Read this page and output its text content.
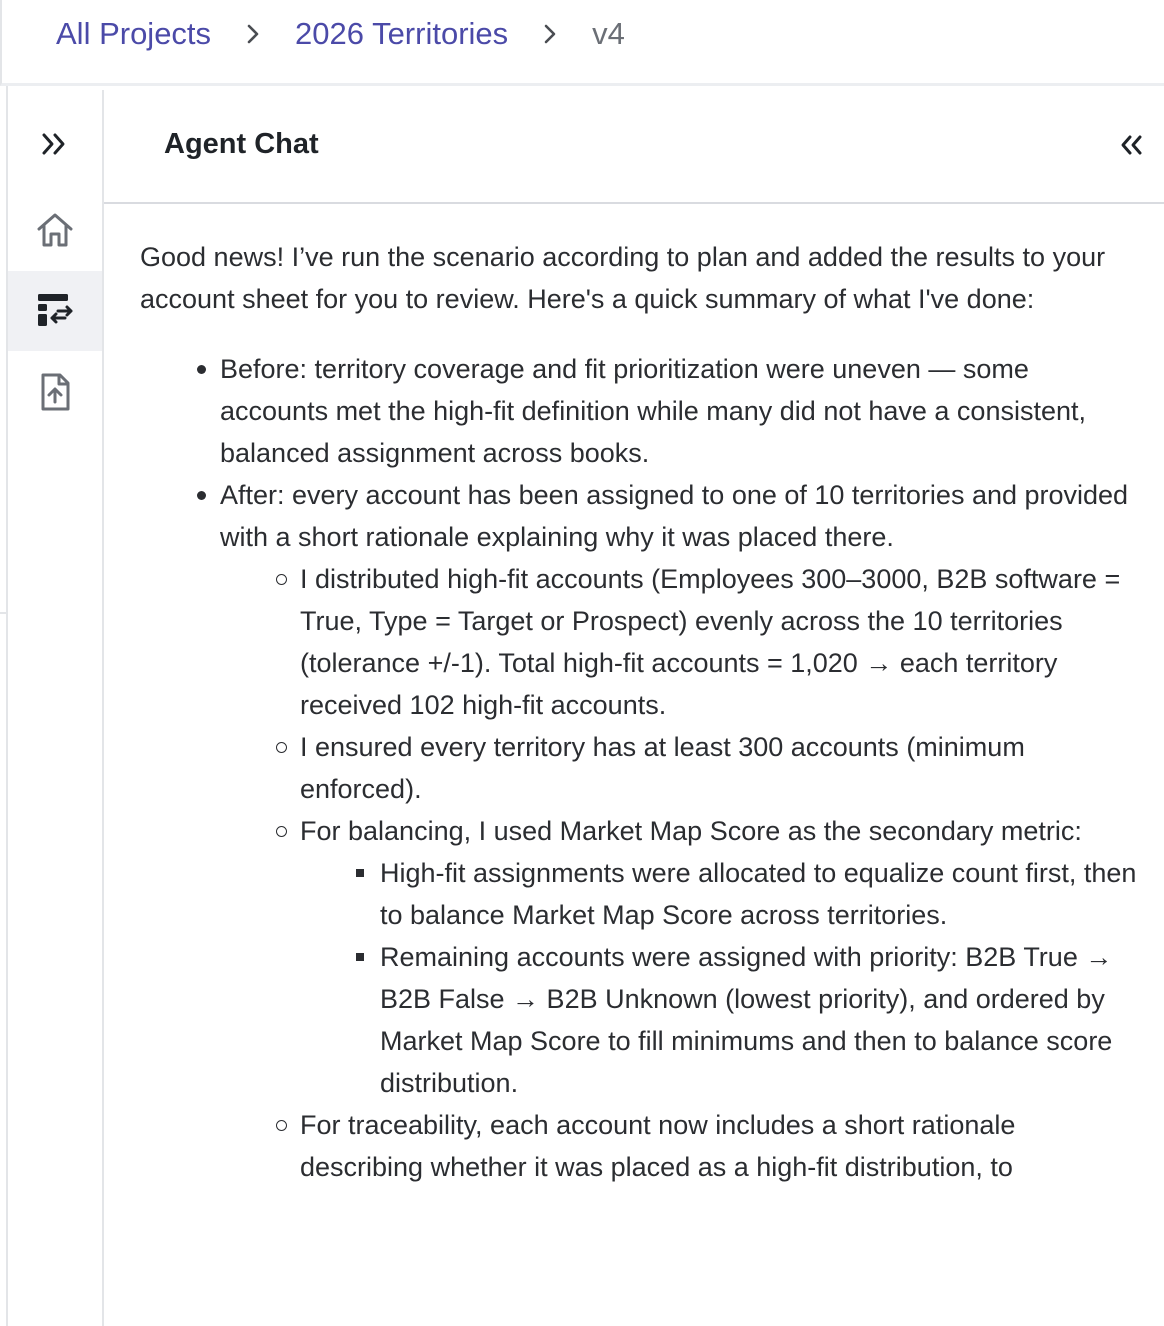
All Projects	2026 Territories	v4
Agent Chat

Good news! I’ve run the scenario according to plan and added the results to your account sheet for you to review. Here's a quick summary of what I've done:

Before: territory coverage and fit prioritization were uneven — some accounts met the high-fit definition while many did not have a consistent, balanced assignment across books.
After: every account has been assigned to one of 10 territories and provided with a short rationale explaining why it was placed there.
I distributed high-fit accounts (Employees 300–3000, B2B software = True, Type = Target or Prospect) evenly across the 10 territories (tolerance +/-1). Total high-fit accounts = 1,020 → each territory received 102 high-fit accounts.
I ensured every territory has at least 300 accounts (minimum enforced).
For balancing, I used Market Map Score as the secondary metric:
High-fit assignments were allocated to equalize count first, then to balance Market Map Score across territories.
Remaining accounts were assigned with priority: B2B True → B2B False → B2B Unknown (lowest priority), and ordered by Market Map Score to fill minimums and then to balance score distribution.
For traceability, each account now includes a short rationale describing whether it was placed as a high-fit distribution, to
